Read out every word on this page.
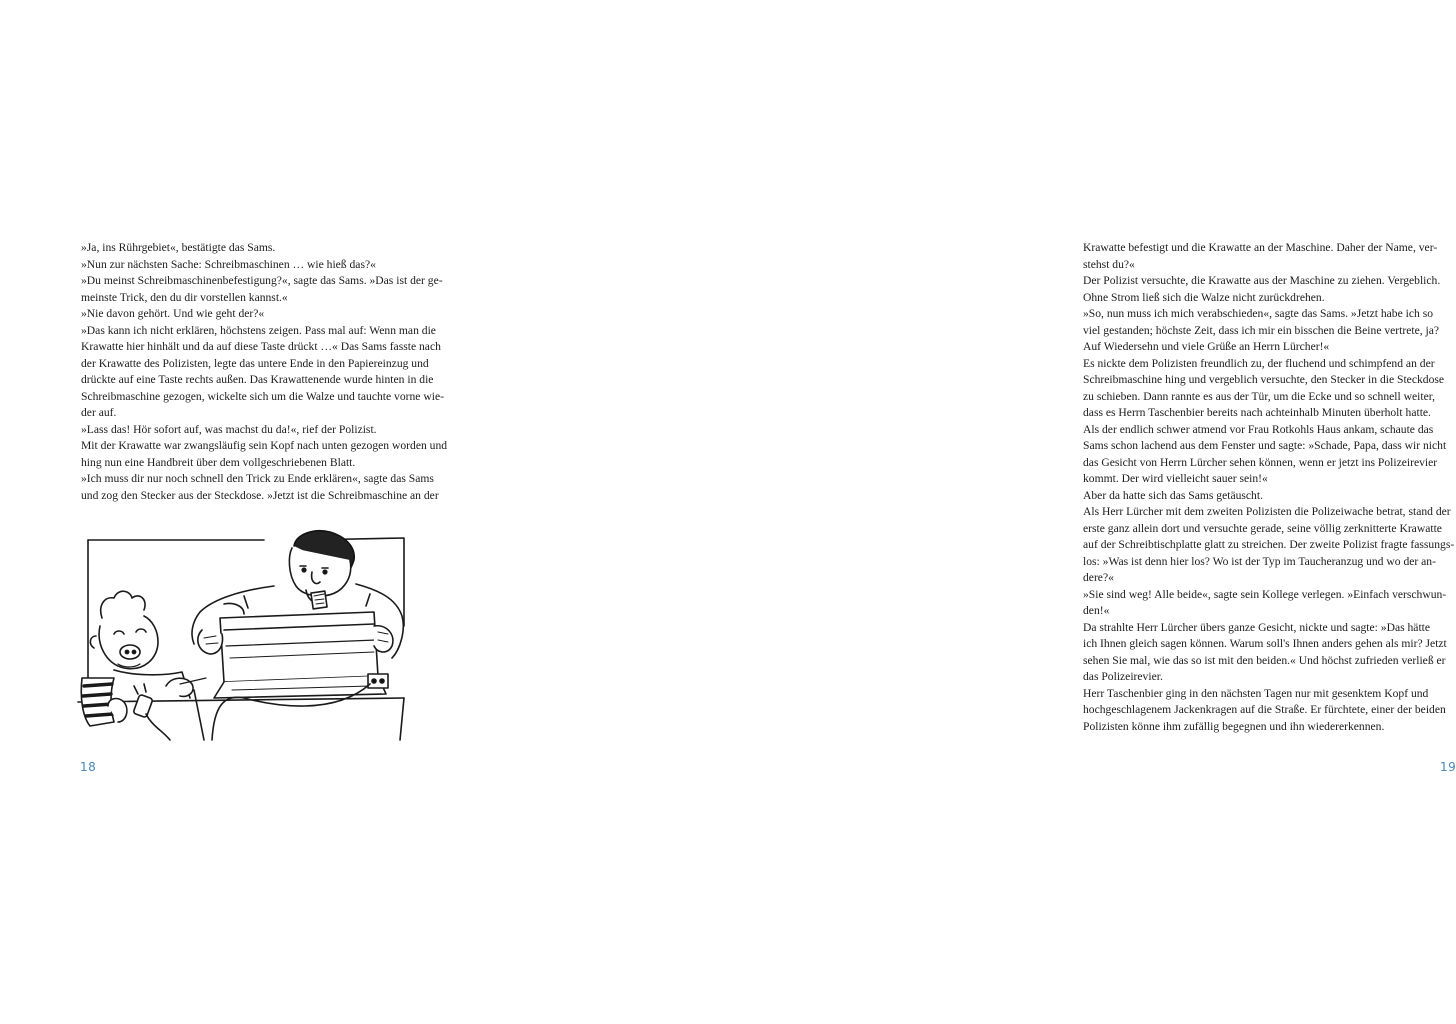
»Ja, ins Rührgebiet«, bestätigte das Sams.
»Nun zur nächsten Sache: Schreibmaschinen … wie hieß das?«
»Du meinst Schreibmaschinenbefestigung?«, sagte das Sams. »Das ist der ge-
meinste Trick, den du dir vorstellen kannst.«
»Nie davon gehört. Und wie geht der?«
»Das kann ich nicht erklären, höchstens zeigen. Pass mal auf: Wenn man die
Krawatte hier hinhält und da auf diese Taste drückt …« Das Sams fasste nach
der Krawatte des Polizisten, legte das untere Ende in den Papiereinzug und
drückte auf eine Taste rechts außen. Das Krawattenende wurde hinten in die
Schreibmaschine gezogen, wickelte sich um die Walze und tauchte vorne wie-
der auf.
»Lass das! Hör sofort auf, was machst du da!«, rief der Polizist.
Mit der Krawatte war zwangsläufig sein Kopf nach unten gezogen worden und
hing nun eine Handbreit über dem vollgeschriebenen Blatt.
»Ich muss dir nur noch schnell den Trick zu Ende erklären«, sagte das Sams
und zog den Stecker aus der Steckdose. »Jetzt ist die Schreibmaschine an der
18
Krawatte befestigt und die Krawatte an der Maschine. Daher der Name, ver-
stehst du?«
Der Polizist versuchte, die Krawatte aus der Maschine zu ziehen. Vergeblich.
Ohne Strom ließ sich die Walze nicht zurückdrehen.
»So, nun muss ich mich verabschieden«, sagte das Sams. »Jetzt habe ich so
viel gestanden; höchste Zeit, dass ich mir ein bisschen die Beine vertrete, ja?
Auf Wiedersehn und viele Grüße an Herrn Lürcher!«
Es nickte dem Polizisten freundlich zu, der fluchend und schimpfend an der
Schreibmaschine hing und vergeblich versuchte, den Stecker in die Steckdose
zu schieben. Dann rannte es aus der Tür, um die Ecke und so schnell weiter,
dass es Herrn Taschenbier bereits nach achteinhalb Minuten überholt hatte.
Als der endlich schwer atmend vor Frau Rotkohls Haus ankam, schaute das
Sams schon lachend aus dem Fenster und sagte: »Schade, Papa, dass wir nicht
das Gesicht von Herrn Lürcher sehen können, wenn er jetzt ins Polizeirevier
kommt. Der wird vielleicht sauer sein!«
Aber da hatte sich das Sams getäuscht.
Als Herr Lürcher mit dem zweiten Polizisten die Polizeiwache betrat, stand der
erste ganz allein dort und versuchte gerade, seine völlig zerknitterte Krawatte
auf der Schreibtischplatte glatt zu streichen. Der zweite Polizist fragte fassungs-
los: »Was ist denn hier los? Wo ist der Typ im Taucheranzug und wo der an-
dere?«
»Sie sind weg! Alle beide«, sagte sein Kollege verlegen. »Einfach verschwun-
den!«
Da strahlte Herr Lürcher übers ganze Gesicht, nickte und sagte: »Das hätte
ich Ihnen gleich sagen können. Warum soll's Ihnen anders gehen als mir? Jetzt
sehen Sie mal, wie das so ist mit den beiden.« Und höchst zufrieden verließ er
das Polizeirevier.
Herr Taschenbier ging in den nächsten Tagen nur mit gesenktem Kopf und
hochgeschlagenem Jackenkragen auf die Straße. Er fürchtete, einer der beiden
Polizisten könne ihm zufällig begegnen und ihn wiedererkennen.
19
